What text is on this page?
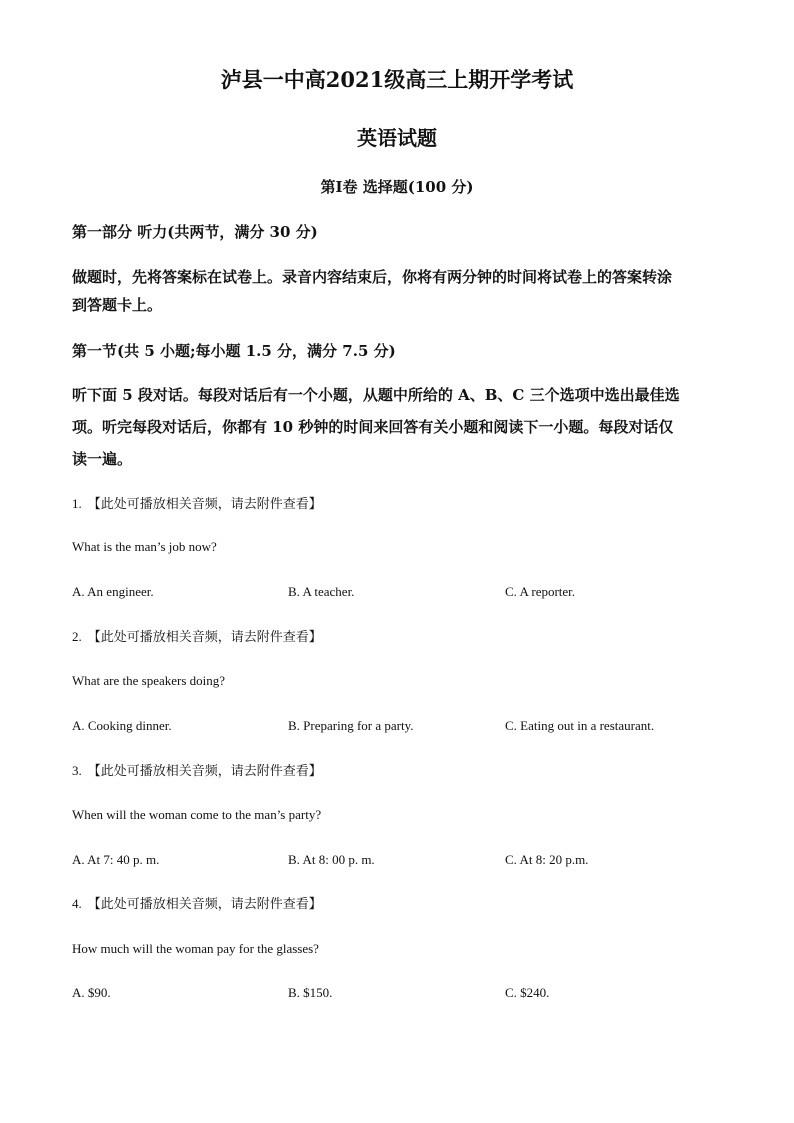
泸县一中高2021级高三上期开学考试
英语试题
第I卷 选择题(100 分)

第一部分 听力(共两节，满分 30 分)

做题时，先将答案标在试卷上。录音内容结束后，你将有两分钟的时间将试卷上的答案转涂

到答题卡上。

第一节(共 5 小题;每小题 1.5 分，满分 7.5 分)

听下面 5 段对话。每段对话后有一个小题，从题中所给的 A、B、C 三个选项中选出最佳选

项。听完每段对话后，你都有 10 秒钟的时间来回答有关小题和阅读下一小题。每段对话仅

读一遍。

1. 【此处可播放相关音频，请去附件查看】

What is the man’s job now?

A. An engineer.	B. A teacher.	C. A reporter.

2. 【此处可播放相关音频，请去附件查看】

What are the speakers doing?

A. Cooking dinner.	B. Preparing for a party.	C. Eating out in a restaurant.

3. 【此处可播放相关音频，请去附件查看】

When will the woman come to the man’s party?

A. At 7: 40 p. m.	B. At 8: 00 p. m.	C. At 8: 20 p.m.

4. 【此处可播放相关音频，请去附件查看】

How much will the woman pay for the glasses?

A. $90.	B. $150.	C. $240.
